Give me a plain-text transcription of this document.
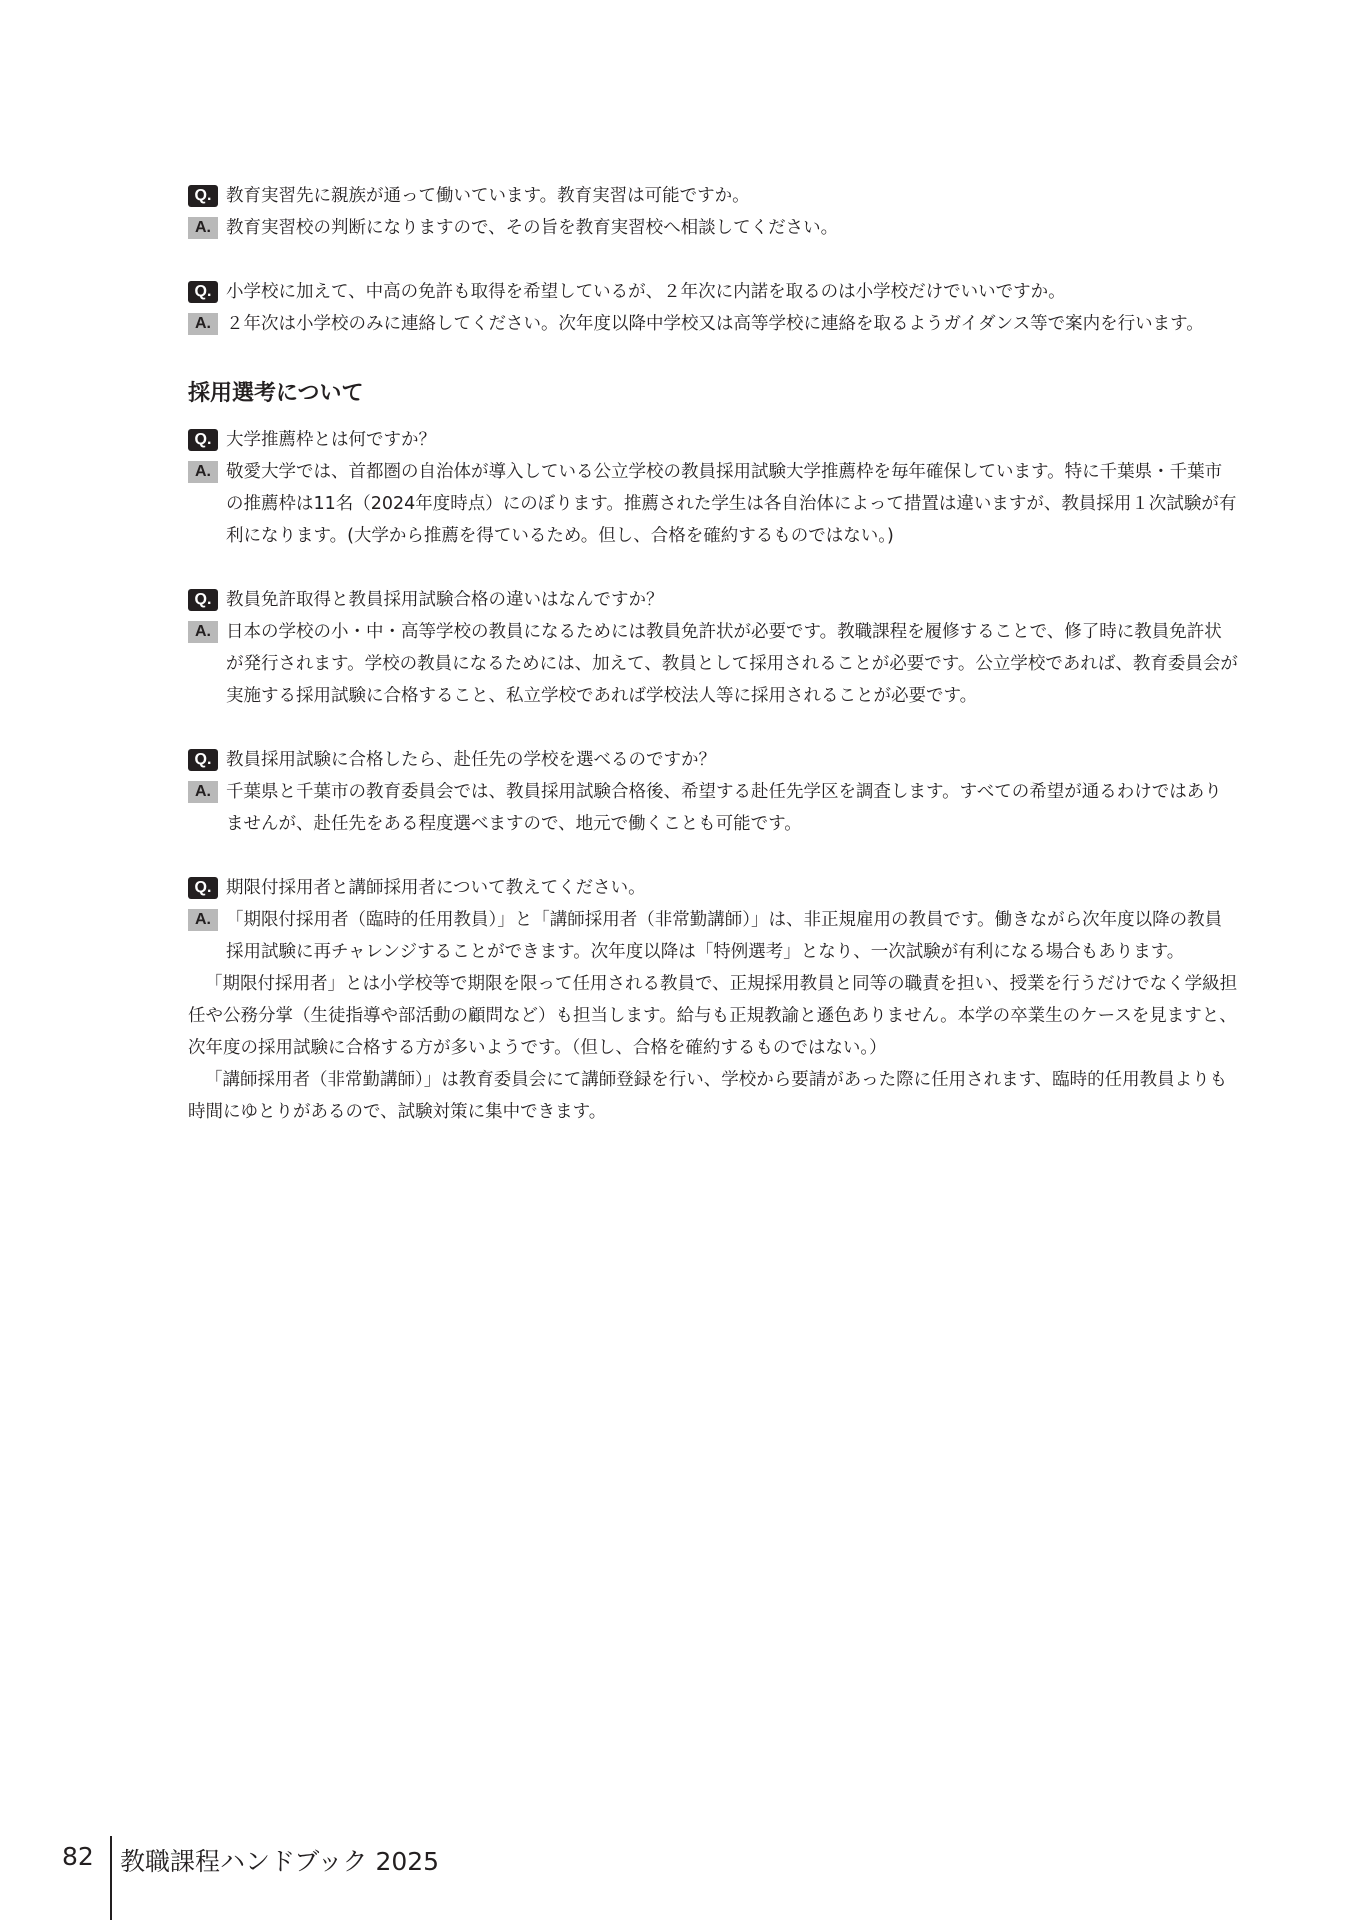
Q. 教育実習先に親族が通って働いています。教育実習は可能ですか。
A. 教育実習校の判断になりますので、その旨を教育実習校へ相談してください。
Q. 小学校に加えて、中高の免許も取得を希望しているが、２年次に内諾を取るのは小学校だけでいいですか。
A. ２年次は小学校のみに連絡してください。次年度以降中学校又は高等学校に連絡を取るようガイダンス等で案内を行います。
採用選考について
Q. 大学推薦枠とは何ですか？
A. 敬愛大学では、首都圏の自治体が導入している公立学校の教員採用試験大学推薦枠を毎年確保しています。特に千葉県・千葉市の推薦枠は11名（2024年度時点）にのぼります。推薦された学生は各自治体によって措置は違いますが、教員採用１次試験が有利になります。(大学から推薦を得ているため。但し、合格を確約するものではない。)
Q. 教員免許取得と教員採用試験合格の違いはなんですか？
A. 日本の学校の小・中・高等学校の教員になるためには教員免許状が必要です。教職課程を履修することで、修了時に教員免許状が発行されます。学校の教員になるためには、加えて、教員として採用されることが必要です。公立学校であれば、教育委員会が実施する採用試験に合格すること、私立学校であれば学校法人等に採用されることが必要です。
Q. 教員採用試験に合格したら、赴任先の学校を選べるのですか？
A. 千葉県と千葉市の教育委員会では、教員採用試験合格後、希望する赴任先学区を調査します。すべての希望が通るわけではありませんが、赴任先をある程度選べますので、地元で働くことも可能です。
Q. 期限付採用者と講師採用者について教えてください。
A. 「期限付採用者（臨時的任用教員）」と「講師採用者（非常勤講師）」は、非正規雇用の教員です。働きながら次年度以降の教員採用試験に再チャレンジすることができます。次年度以降は「特例選考」となり、一次試験が有利になる場合もあります。
「期限付採用者」とは小学校等で期限を限って任用される教員で、正規採用教員と同等の職責を担い、授業を行うだけでなく学級担任や公務分掌（生徒指導や部活動の顧問など）も担当します。給与も正規教諭と遜色ありません。本学の卒業生のケースを見ますと、次年度の採用試験に合格する方が多いようです。（但し、合格を確約するものではない。）
「講師採用者（非常勤講師）」は教育委員会にて講師登録を行い、学校から要請があった際に任用されます、臨時的任用教員よりも時間にゆとりがあるので、試験対策に集中できます。
82 教職課程ハンドブック 2025
